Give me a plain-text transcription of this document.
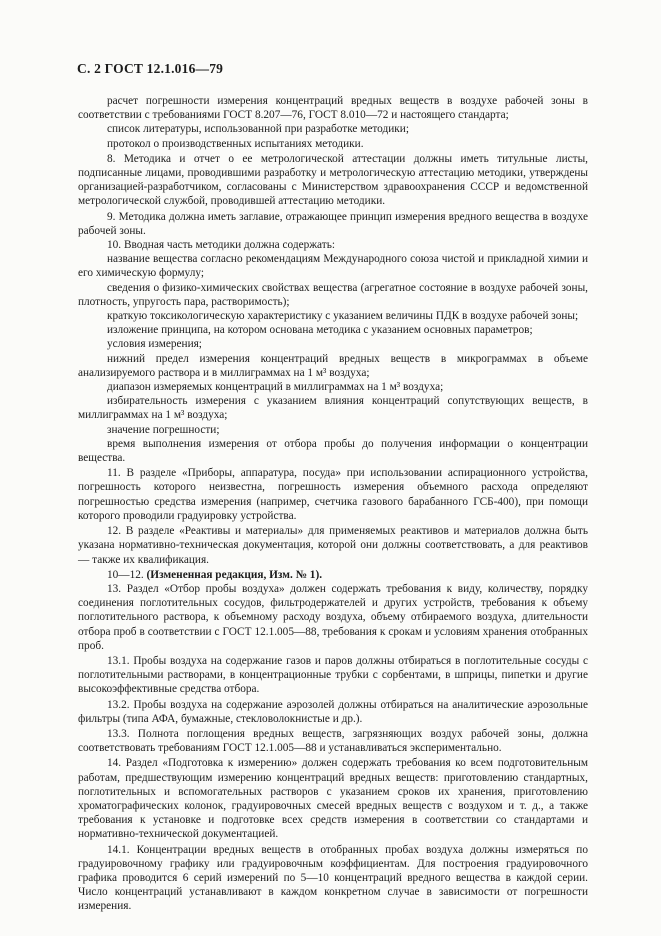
С. 2 ГОСТ 12.1.016—79

расчет погрешности измерения концентраций вредных веществ в воздухе рабочей зоны в соответствии с требованиями ГОСТ 8.207—76, ГОСТ 8.010—72 и настоящего стандарта;

список литературы, использованной при разработке методики;

протокол о производственных испытаниях методики.

8. Методика и отчет о ее метрологической аттестации должны иметь титульные листы, подписанные лицами, проводившими разработку и метрологическую аттестацию методики, утверждены организацией-разработчиком, согласованы с Министерством здравоохранения СССР и ведомственной метрологической службой, проводившей аттестацию методики.

9. Методика должна иметь заглавие, отражающее принцип измерения вредного вещества в воздухе рабочей зоны.

10. Вводная часть методики должна содержать:

название вещества согласно рекомендациям Международного союза чистой и прикладной химии и его химическую формулу;

сведения о физико-химических свойствах вещества (агрегатное состояние в воздухе рабочей зоны, плотность, упругость пара, растворимость);

краткую токсикологическую характеристику с указанием величины ПДК в воздухе рабочей зоны;

изложение принципа, на котором основана методика с указанием основных параметров;

условия измерения;

нижний предел измерения концентраций вредных веществ в микрограммах в объеме анализируемого раствора и в миллиграммах на 1 м³ воздуха;

диапазон измеряемых концентраций в миллиграммах на 1 м³ воздуха;

избирательность измерения с указанием влияния концентраций сопутствующих веществ, в миллиграммах на 1 м³ воздуха;

значение погрешности;

время выполнения измерения от отбора пробы до получения информации о концентрации вещества.

11. В разделе «Приборы, аппаратура, посуда» при использовании аспирационного устройства, погрешность которого неизвестна, погрешность измерения объемного расхода определяют погрешностью средства измерения (например, счетчика газового барабанного ГСБ-400), при помощи которого проводили градуировку устройства.

12. В разделе «Реактивы и материалы» для применяемых реактивов и материалов должна быть указана нормативно-техническая документация, которой они должны соответствовать, а для реактивов — также их квалификация.

10—12. (Измененная редакция, Изм. № 1).

13. Раздел «Отбор пробы воздуха» должен содержать требования к виду, количеству, порядку соединения поглотительных сосудов, фильтродержателей и других устройств, требования к объему поглотительного раствора, к объемному расходу воздуха, объему отбираемого воздуха, длительности отбора проб в соответствии с ГОСТ 12.1.005—88, требования к срокам и условиям хранения отобранных проб.

13.1. Пробы воздуха на содержание газов и паров должны отбираться в поглотительные сосуды с поглотительными растворами, в концентрационные трубки с сорбентами, в шприцы, пипетки и другие высокоэффективные средства отбора.

13.2. Пробы воздуха на содержание аэрозолей должны отбираться на аналитические аэрозольные фильтры (типа АФА, бумажные, стекловолокнистые и др.).

13.3. Полнота поглощения вредных веществ, загрязняющих воздух рабочей зоны, должна соответствовать требованиям ГОСТ 12.1.005—88 и устанавливаться экспериментально.

14. Раздел «Подготовка к измерению» должен содержать требования ко всем подготовительным работам, предшествующим измерению концентраций вредных веществ: приготовлению стандартных, поглотительных и вспомогательных растворов с указанием сроков их хранения, приготовлению хроматографических колонок, градуировочных смесей вредных веществ с воздухом и т. д., а также требования к установке и подготовке всех средств измерения в соответствии со стандартами и нормативно-технической документацией.

14.1. Концентрации вредных веществ в отобранных пробах воздуха должны измеряться по градуировочному графику или градуировочным коэффициентам. Для построения градуировочного графика проводится 6 серий измерений по 5—10 концентраций вредного вещества в каждой серии. Число концентраций устанавливают в каждом конкретном случае в зависимости от погрешности измерения.
